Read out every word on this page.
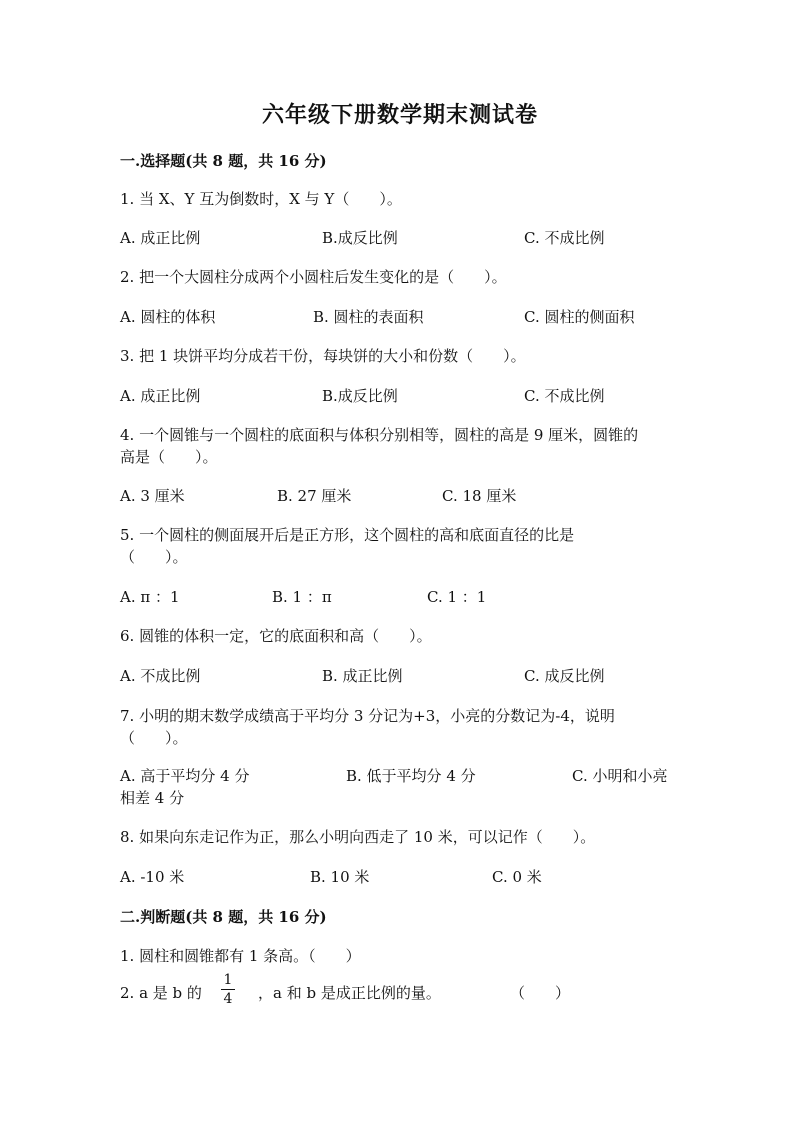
六年级下册数学期末测试卷
一.选择题(共 8 题，共 16 分)
1. 当 X、Y 互为倒数时，X 与 Y（　　）。
A. 成正比例	B.成反比例	C. 不成比例
2. 把一个大圆柱分成两个小圆柱后发生变化的是（　　）。
A. 圆柱的体积	B. 圆柱的表面积	C. 圆柱的侧面积
3. 把 1 块饼平均分成若干份，每块饼的大小和份数（　　）。
A. 成正比例	B.成反比例	C. 不成比例
4. 一个圆锥与一个圆柱的底面积与体积分别相等，圆柱的高是 9 厘米，圆锥的
高是（　　）。
A. 3 厘米	B. 27 厘米	C. 18 厘米
5. 一个圆柱的侧面展开后是正方形，这个圆柱的高和底面直径的比是
（　　）。
A. π ：1	B. 1 ：π	C. 1 ：1
6. 圆锥的体积一定，它的底面积和高（　　）。
A. 不成比例	B. 成正比例	C. 成反比例
7. 小明的期末数学成绩高于平均分 3 分记为+3，小亮的分数记为-4，说明
（　　）。
A. 高于平均分 4 分	B. 低于平均分 4 分	C. 小明和小亮
相差 4 分
8. 如果向东走记作为正，那么小明向西走了 10 米，可以记作（　　）。
A. -10 米	B. 10 米	C. 0 米
二.判断题(共 8 题，共 16 分)
1. 圆柱和圆锥都有 1 条高。（　　）
2. a 是 b 的
1
4 ，a 和 b 是成正比例的量。	（　　）
